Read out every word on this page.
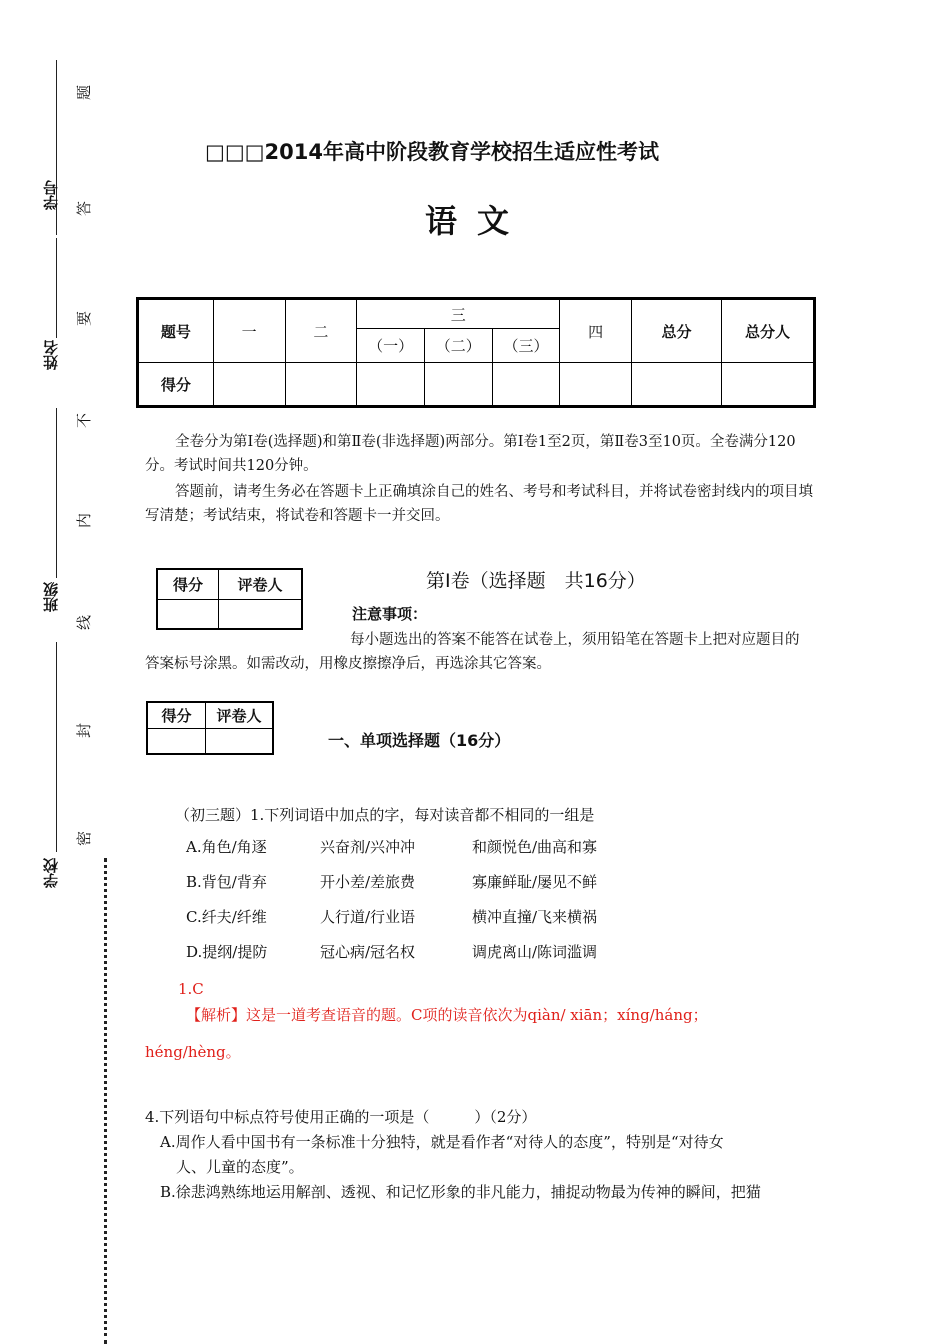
学号
姓名
班级
学校
题
答
要
不
内
线
封
密
□□□2014年高中阶段教育学校招生适应性考试
语文
题号	一	二	三			四	总分	总分人
			（一）	（二）	（三）			
得分								
全卷分为第Ⅰ卷(选择题)和第Ⅱ卷(非选择题)两部分。第Ⅰ卷1至2页，第Ⅱ卷3至10页。全卷满分120分。考试时间共120分钟。
答题前，请考生务必在答题卡上正确填涂自己的姓名、考号和考试科目，并将试卷密封线内的项目填写清楚；考试结束，将试卷和答题卡一并交回。
得分	评卷人
		第Ⅰ卷（选择题　共16分）
注意事项：
每小题选出的答案不能答在试卷上，须用铅笔在答题卡上把对应题目的答案标号涂黑。如需改动，用橡皮擦擦净后，再选涂其它答案。
得分	评卷人

一、单项选择题（16分）
（初三题）1.下列词语中加点的字，每对读音都不相同的一组是
A.角色/角逐	兴奋剂/兴冲冲	和颜悦色/曲高和寡
B.背包/背弃	开小差/差旅费	寡廉鲜耻/屡见不鲜
C.纤夫/纤维	人行道/行业语	横冲直撞/飞来横祸
D.提纲/提防	冠心病/冠名权	调虎离山/陈词滥调
1.C
【解析】这是一道考查语音的题。C项的读音依次为qiàn/ xiān；xíng/háng；
héng/hèng。
4.下列语句中标点符号使用正确的一项是（　　　）（2分）
A.周作人看中国书有一条标准十分独特，就是看作者“对待人的态度”，特别是“对待女
人、儿童的态度”。
B.徐悲鸿熟练地运用解剖、透视、和记忆形象的非凡能力，捕捉动物最为传神的瞬间，把猫
